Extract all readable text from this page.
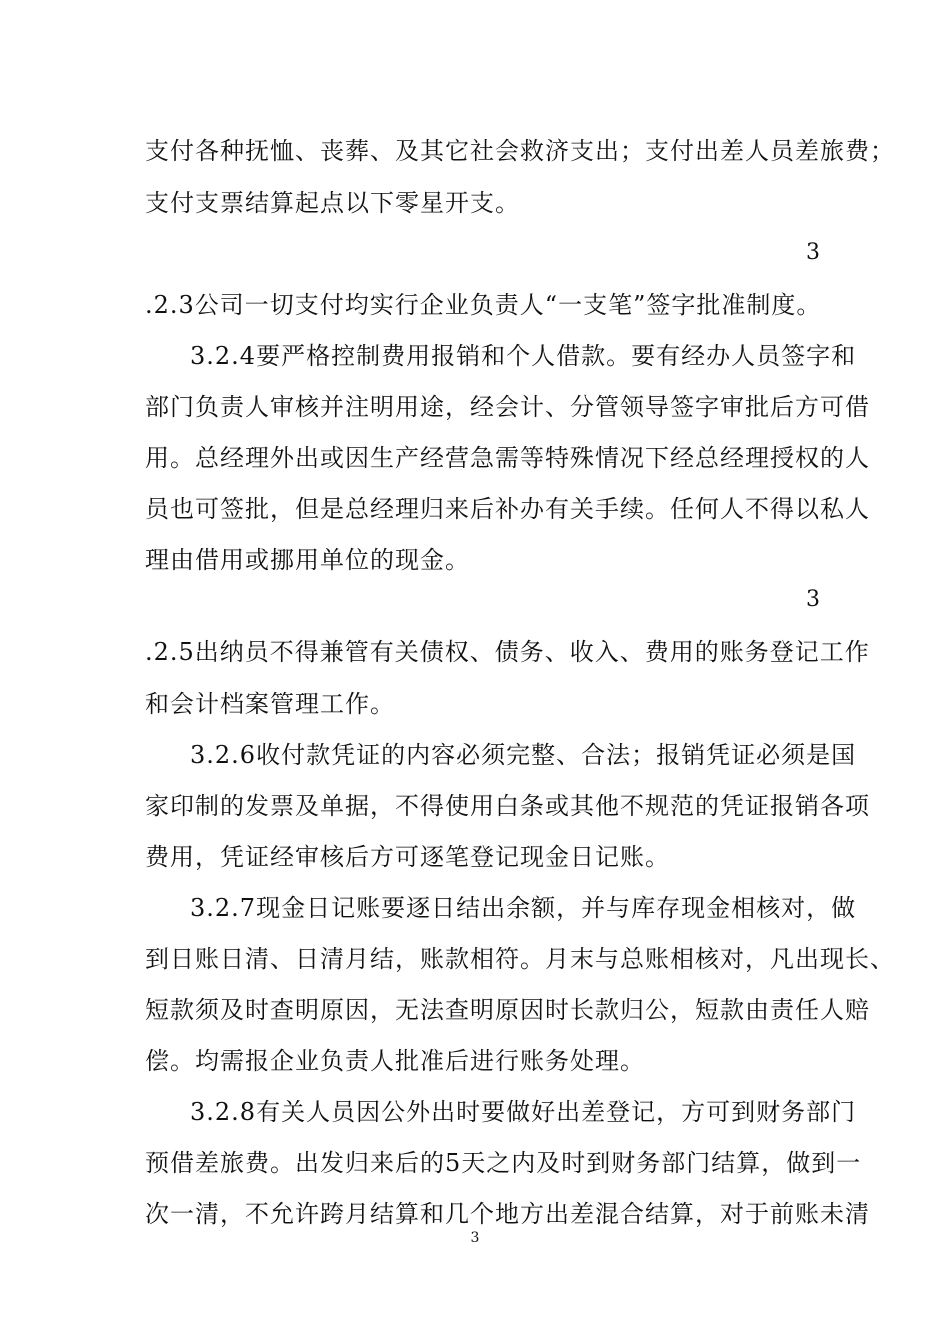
支付各种抚恤、丧葬、及其它社会救济支出；支付出差人员差旅费；
支付支票结算起点以下零星开支。
3
.2.3公司一切支付均实行企业负责人“一支笔”签字批准制度。
3.2.4要严格控制费用报销和个人借款。要有经办人员签字和
部门负责人审核并注明用途，经会计、分管领导签字审批后方可借
用。总经理外出或因生产经营急需等特殊情况下经总经理授权的人
员也可签批，但是总经理归来后补办有关手续。任何人不得以私人
理由借用或挪用单位的现金。
3
.2.5出纳员不得兼管有关债权、债务、收入、费用的账务登记工作
和会计档案管理工作。
3.2.6收付款凭证的内容必须完整、合法；报销凭证必须是国
家印制的发票及单据，不得使用白条或其他不规范的凭证报销各项
费用，凭证经审核后方可逐笔登记现金日记账。
3.2.7现金日记账要逐日结出余额，并与库存现金相核对，做
到日账日清、日清月结，账款相符。月末与总账相核对，凡出现长、
短款须及时查明原因，无法查明原因时长款归公，短款由责任人赔
偿。均需报企业负责人批准后进行账务处理。
3.2.8有关人员因公外出时要做好出差登记，方可到财务部门
预借差旅费。出发归来后的5天之内及时到财务部门结算，做到一
次一清，不允许跨月结算和几个地方出差混合结算，对于前账未清
3
